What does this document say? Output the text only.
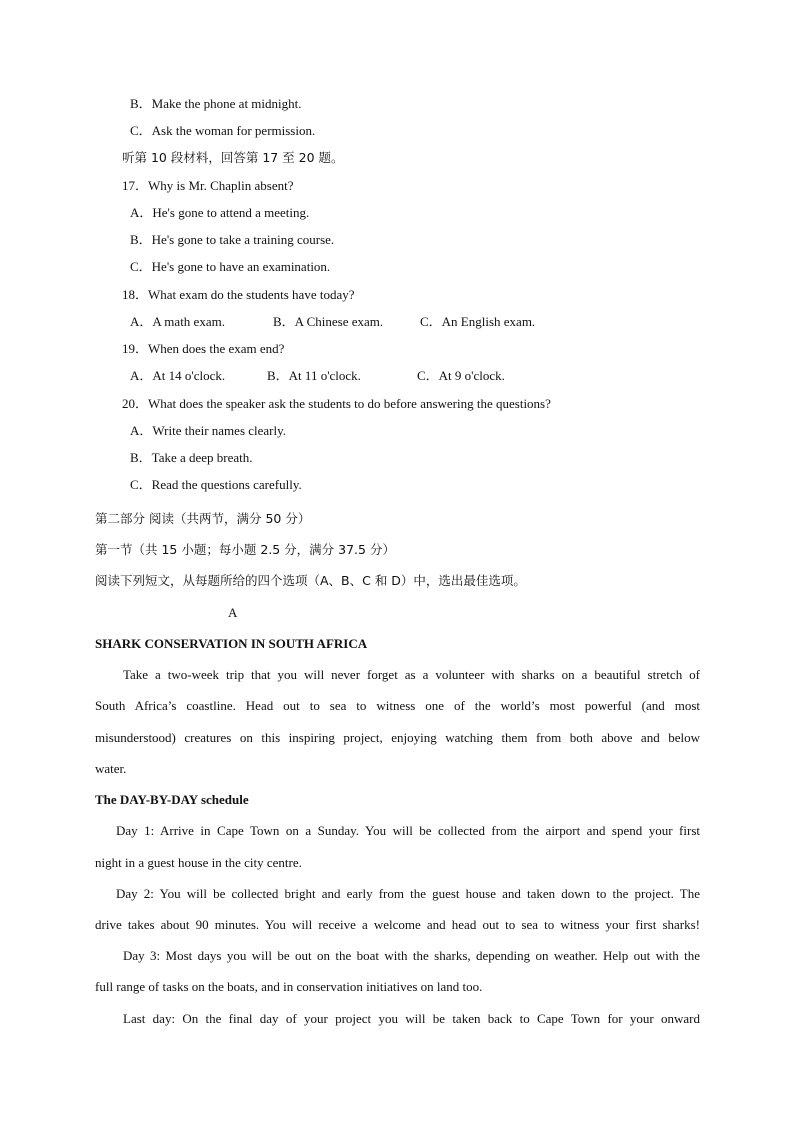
B．Make the phone at midnight.
C．Ask the woman for permission.
听第 10 段材料，回答第 17 至 20 题。
17．Why is Mr. Chaplin absent?
A．He's gone to attend a meeting.
B．He's gone to take a training course.
C．He's gone to have an examination.
18．What exam do the students have today?
A．A math exam.	B．A Chinese exam.	C．An English exam.
19．When does the exam end?
A．At 14 o'clock.	B．At 11 o'clock.	C．At 9 o'clock.
20．What does the speaker ask the students to do before answering the questions?
A．Write their names clearly.
B．Take a deep breath.
C．Read the questions carefully.
第二部分 阅读（共两节，满分 50 分）
第一节（共 15 小题；每小题 2.5 分，满分 37.5 分）
阅读下列短文，从每题所给的四个选项（A、B、C 和 D）中，选出最佳选项。
A
SHARK CONSERVATION IN SOUTH AFRICA
Take a two-week trip that you will never forget as a volunteer with sharks on a beautiful stretch of
South Africa’s coastline. Head out to sea to witness one of the world’s most powerful (and most
misunderstood) creatures on this inspiring project, enjoying watching them from both above and below
water.
The DAY-BY-DAY schedule
Day 1: Arrive in Cape Town on a Sunday. You will be collected from the airport and spend your first
night in a guest house in the city centre.
Day 2: You will be collected bright and early from the guest house and taken down to the project. The
drive takes about 90 minutes. You will receive a welcome and head out to sea to witness your first sharks!
Day 3: Most days you will be out on the boat with the sharks, depending on weather. Help out with the
full range of tasks on the boats, and in conservation initiatives on land too.
Last day: On the final day of your project you will be taken back to Cape Town for your onward
